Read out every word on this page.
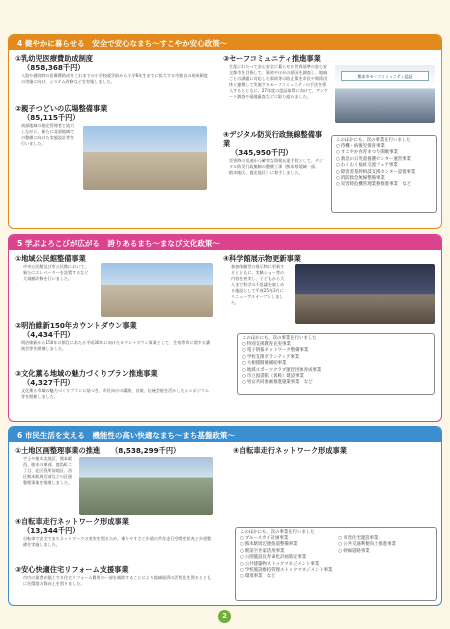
4 健やかに暮らせる　安全で安心なまち～すこやか安心政策～
①乳幼児医療費助成制度
（858,368千円）
入院や通院時の医療費助成をこれまでの小学校就学前から小学6年生までに拡大する市独自の助成制度の実施に向け、システム改修などを実施しました。
②親子つどいの広場整備事業
（85,115千円）
南部地域の指定管理者と協力しながら、新たに北部地域での整備に向けた実施設計等を行いました。
③セーフコミュニティ推進事業
生涯にわたって安心安全に暮らせる世界基準の安心安全都市を目指して、事故やけがの原因を調査し、地域ごとの課題に対応した事故等の防止策を市民や関係団体と連携して実施するセーフコミュニティの手法を導入するとともに、27年度の認証取得に向けて、アンケート調査や現地審査などに取り組みました。
熊本市セーフコミュニティ認証
④デジタル防災行政無線整備事業
（345,950千円）
災害時の迅速かつ確実な情報伝達手段として、デジタル防災行政無線の整備工事（熊本県地域一部、植木地区、鹿北地区）に着手しました。
このほかにも、次の事業を行いました
○ 待機・病後児保育事業
○ すこやか食育まつり開催事業
○ 救急の日児童養護センター運営事業
○ わくわく福祉交流フェア事業
○ 障害者基幹相談支援センター設置事業
○ 消防救急無線整備事業
○ 災害時危機管理業務推進事業　など
5 学ぶよろこびが広がる　誇りあるまち～まなび文化政策～
①地域公民館整備事業
中央公民館及び市公民館において、新たにエレベーターを設置するなど大規模改修を行いました。
②明治維新150年カウントダウン事業
（4,434千円）
明治維新から150年の節目にあたる平成30年に向けたカウントダウン事業として、生家等市に関する講演会等を開催しました。
③文化薫る地域の魅力づくりプラン推進事業
（4,327千円）
文化薫る市域の魅力づくりプランに基づき、市民向けの講演、音楽、伝統芸能を活かしたシンポジウム等を開催しました。
④科学館展示物更新事業
参加体験型の展示物に更新するとともに、実験ショー等の内容を充実し、子どもから大人まで科学の不思議を楽しめる施設として平成25年3月にリニューアルオープンしました。
このほかにも、次の事業を行いました
○ 特別支援教育充実事業
○ 電子情報ネットワーク整備事業
○ 学校支援ボランティア事業
○ 大相撲開催補助事業
○ 地域スポーツクラブ運営団体育成事業
○ 市立図書館（仮称）建設事業
○ 男女共同参画推進施策事業　など
6 市民生活を支える　機能性の高い快適なまち～まち基盤政策～
①土地区画整理事業の推進	（8,538,299千円）
宇土や植木北地区、熊本駅西、植木の東部、鹿島町ニ丁目、北区役所前地区、西区熊本駅周辺部などの区画整理事業を推進しました。
④自転車走行ネットワーク形成事業
（13,344千円）
自転車で安全でまちネットワークの充実を図るため、乗りやすさと歩道の共存走行空間を拡充と歩道整備を実施しました。
③安心快適住宅リフォーム支援事業
市内の業者が施工する住宅リフォーム費用の一部を補助することにより地域経済の活性化を図るとともに住環境の質向上を図りました。
④自転車走行ネットワーク形成事業
このほかにも、次の事業を行いました
○ ブルースカイ計画事業
○ 熊本駅周辺連絡道整備事業
○ 駅前空き家活用事業
○ 公園施設長寿命化計画策定事業
○ 公共建築物ストックマネジメント事業
○ 学校施設維持管理ストックマネジメント事業
○ 環境事業　など
○ 市営住宅建設事業
○ 公共交通利便向上推進事業
○ 幹線道路事業
2
